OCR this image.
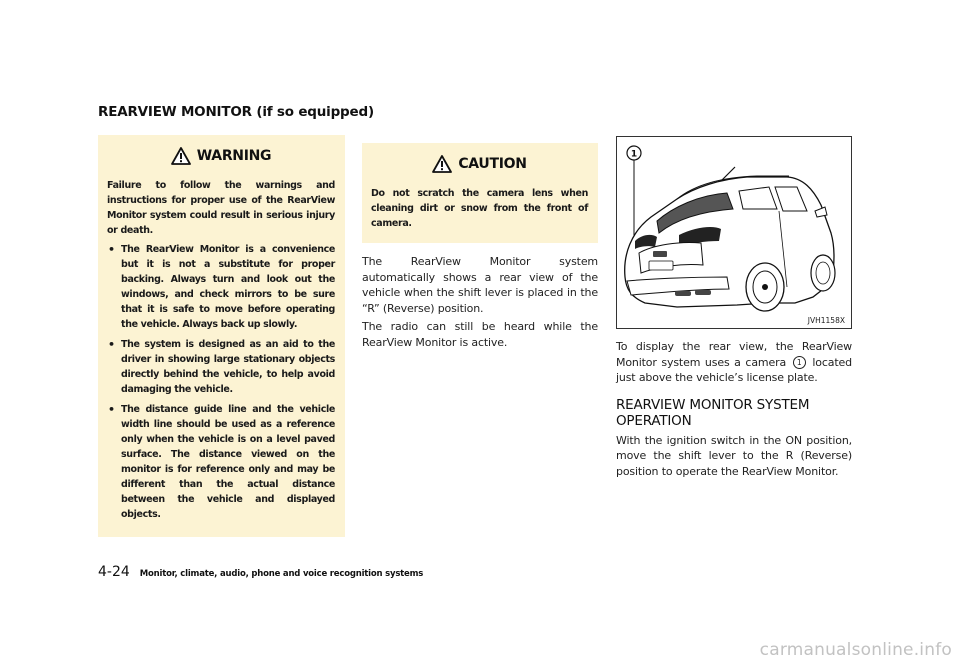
REARVIEW MONITOR (if so equipped)
WARNING

Failure to follow the warnings and instructions for proper use of the RearView Monitor system could result in serious injury or death.

• The RearView Monitor is a convenience but it is not a substitute for proper backing. Always turn and look out the windows, and check mirrors to be sure that it is safe to move before operating the vehicle. Always back up slowly.
• The system is designed as an aid to the driver in showing large stationary objects directly behind the vehicle, to help avoid damaging the vehicle.
• The distance guide line and the vehicle width line should be used as a reference only when the vehicle is on a level paved surface. The distance viewed on the monitor is for reference only and may be different than the actual distance between the vehicle and displayed objects.
CAUTION

Do not scratch the camera lens when cleaning dirt or snow from the front of camera.

The RearView Monitor system automatically shows a rear view of the vehicle when the shift lever is placed in the “R” (Reverse) position.

The radio can still be heard while the RearView Monitor is active.

1
JVH1158X

To display the rear view, the RearView Monitor system uses a camera 1 located just above the vehicle’s license plate.

REARVIEW MONITOR SYSTEM OPERATION

With the ignition switch in the ON position, move the shift lever to the R (Reverse) position to operate the RearView Monitor.

4-24 Monitor, climate, audio, phone and voice recognition systems
carmanualsonline.info
